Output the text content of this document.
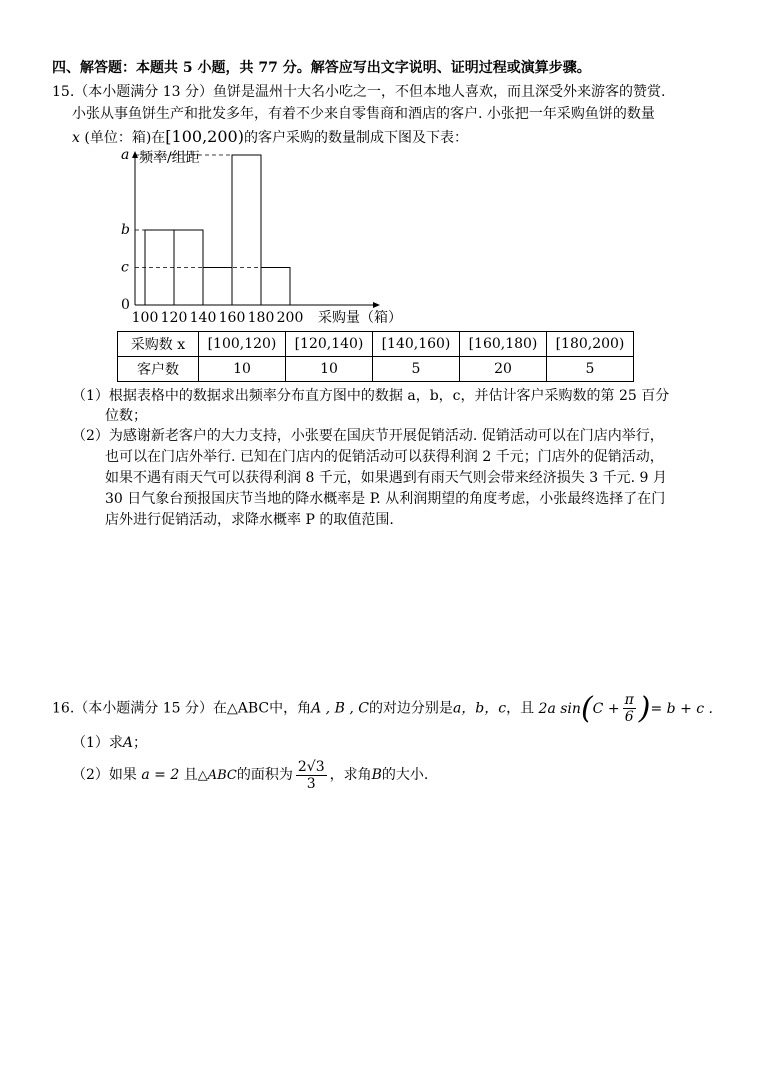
四、解答题：本题共 5 小题，共 77 分。解答应写出文字说明、证明过程或演算步骤。
15.（本小题满分 13 分）鱼饼是温州十大名小吃之一，不但本地人喜欢，而且深受外来游客的赞赏.
小张从事鱼饼生产和批发多年，有着不少来自零售商和酒店的客户. 小张把一年采购鱼饼的数量
x (单位：箱)在[100,200)的客户采购的数量制成下图及下表：
频率/组距
a
b
c
0
100 120 140 160 180 200 采购量（箱）
采购数 x	[100,120)	[120,140)	[140,160)	[160,180)	[180,200)
客户数	10	10	5	20	5
（1）根据表格中的数据求出频率分布直方图中的数据 a，b，c，并估计客户采购数的第 25 百分
位数；
（2）为感谢新老客户的大力支持，小张要在国庆节开展促销活动. 促销活动可以在门店内举行，
也可以在门店外举行. 已知在门店内的促销活动可以获得利润 2 千元；门店外的促销活动，
如果不遇有雨天气可以获得利润 8 千元，如果遇到有雨天气则会带来经济损失 3 千元. 9 月
30 日气象台预报国庆节当地的降水概率是 P. 从利润期望的角度考虑，小张最终选择了在门
店外进行促销活动，求降水概率 P 的取值范围.
16.（本小题满分 15 分）在△ABC中，角A , B , C的对边分别是a，b，c，且 2a $\sin(C + \frac{\pi}{6}$ )= b + c .
（1）求A；
（2）如果 a = 2 且△ABC的面积为 $\frac{2√3}{3}$ ，求角B的大小.
